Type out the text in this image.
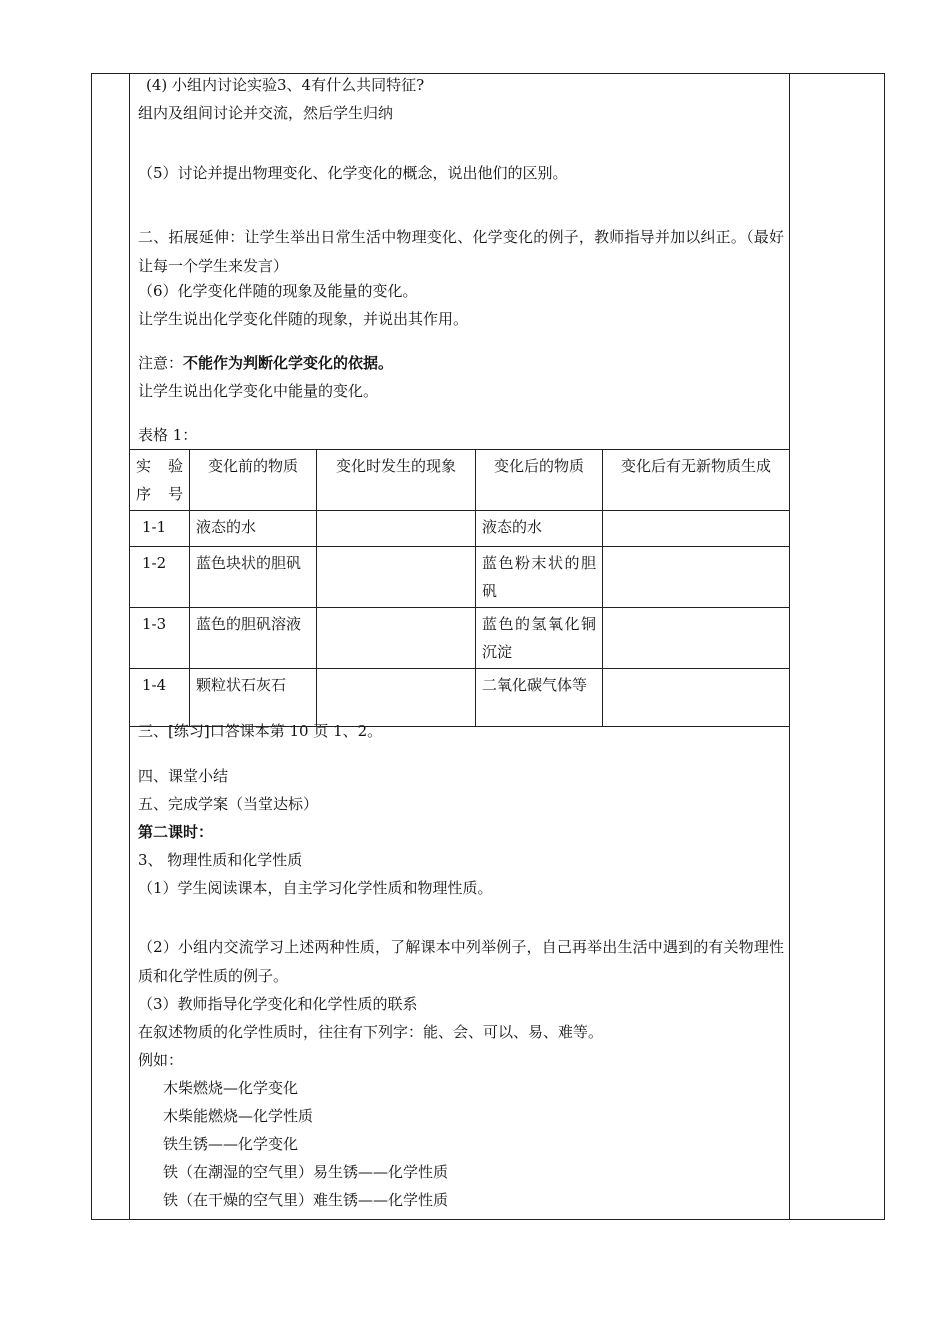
(4) 小组内讨论实验3、4有什么共同特征?
组内及组间讨论并交流，然后学生归纳
（5）讨论并提出物理变化、化学变化的概念，说出他们的区别。
二、拓展延伸：让学生举出日常生活中物理变化、化学变化的例子，教师指导并加以纠正。（最好让每一个学生来发言）
（6）化学变化伴随的现象及能量的变化。
让学生说出化学变化伴随的现象，并说出其作用。
注意：不能作为判断化学变化的依据。
让学生说出化学变化中能量的变化。
表格 1：
三、[练习]口答课本第 10 页 1、2。
四、课堂小结
五、完成学案（当堂达标）
第二课时：
3、 物理性质和化学性质
（1）学生阅读课本，自主学习化学性质和物理性质。
（2）小组内交流学习上述两种性质，了解课本中列举例子，自己再举出生活中遇到的有关物理性质和化学性质的例子。
（3）教师指导化学变化和化学性质的联系
在叙述物质的化学性质时，往往有下列字：能、会、可以、易、难等。
例如：
木柴燃烧—化学变化
木柴能燃烧—化学性质
铁生锈——化学变化
铁（在潮湿的空气里）易生锈——化学性质
铁（在干燥的空气里）难生锈——化学性质
实 验 序 号	变化前的物质	变化时发生的现象	变化后的物质	变化后有无新物质生成
1-1	液态的水		液态的水	
1-2	蓝色块状的胆矾		蓝色粉末状的胆矾	
1-3	蓝色的胆矾溶液		蓝色的氢氧化铜沉淀	
1-4	颗粒状石灰石		二氧化碳气体等	
